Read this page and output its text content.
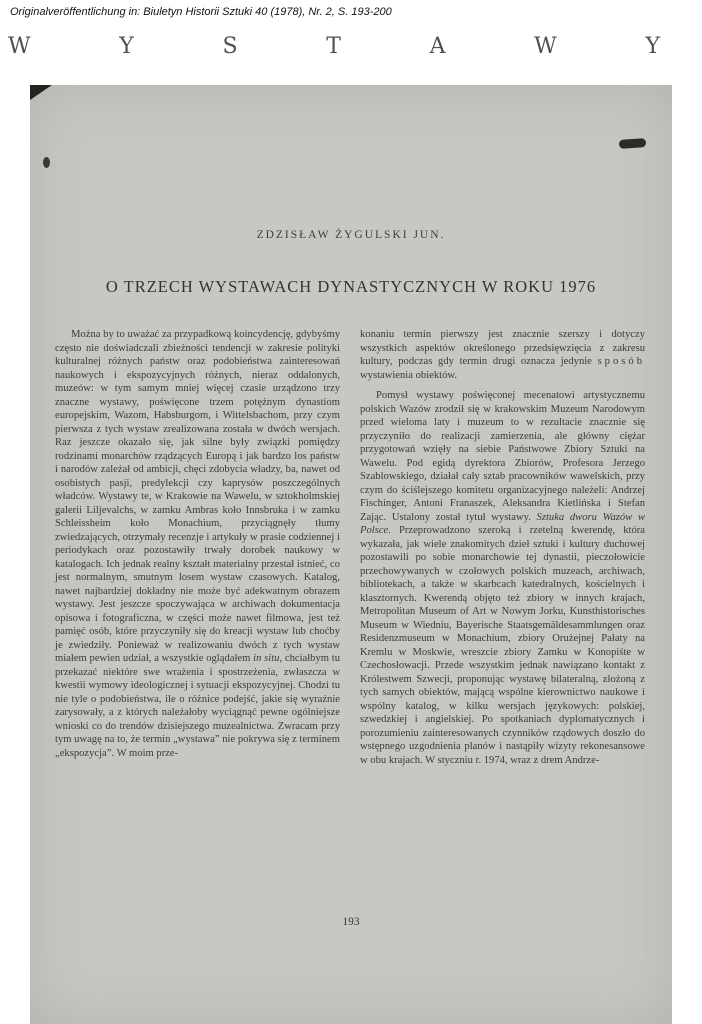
Originalveröffentlichung in: Biuletyn Historii Sztuki 40 (1978), Nr. 2, S. 193-200
W	Y	S	T	A	W	Y
ZDZISŁAW ŻYGULSKI JUN.
O TRZECH WYSTAWACH DYNASTYCZNYCH W ROKU 1976

Można by to uważać za przypadkową koincydencję, gdybyśmy często nie doświadczali zbieżności tendencji w zakresie polityki kulturalnej różnych państw oraz podobieństwa zainteresowań naukowych i ekspozycyjnych różnych, nieraz oddalonych, muzeów: w tym samym mniej więcej czasie urządzono trzy znaczne wystawy, poświęcone trzem potężnym dynastiom europejskim, Wazom, Habsburgom, i Wittelsbachom, przy czym pierwsza z tych wystaw zrealizowana została w dwóch wersjach. Raz jeszcze okazało się, jak silne były związki pomiędzy rodzinami monarchów rządzących Europą i jak bardzo los państw i narodów zależał od ambicji, chęci zdobycia władzy, ba, nawet od osobistych pasji, predylekcji czy kaprysów poszczególnych władców. Wystawy te, w Krakowie na Wawelu, w sztokholmskiej galerii Liljevalchs, w zamku Ambras koło Innsbruka i w zamku Schleissheim koło Monachium, przyciągnęły tłumy zwiedzających, otrzymały recenzje i artykuły w prasie codziennej i periodykach oraz pozostawiły trwały dorobek naukowy w katalogach. Ich jednak realny kształt materialny przestał istnieć, co jest normalnym, smutnym losem wystaw czasowych. Katalog, nawet najbardziej dokładny nie może być adekwatnym obrazem wystawy. Jest jeszcze spoczywająca w archiwach dokumentacja opisowa i fotograficzna, w części może nawet filmowa, jest też pamięć osób, które przyczyniły się do kreacji wystaw lub choćby je zwiedziły. Ponieważ w realizowaniu dwóch z tych wystaw miałem pewien udział, a wszystkie oglądałem in situ, chciałbym tu przekazać niektóre swe wrażenia i spostrzeżenia, zwłaszcza w kwestii wymowy ideologicznej i sytuacji ekspozycyjnej. Chodzi tu nie tyle o podobieństwa, ile o różnice podejść, jakie się wyraźnie zarysowały, a z których należałoby wyciągnąć pewne ogólniejsze wnioski co do trendów dzisiejszego muzealnictwa. Zwracam przy tym uwagę na to, że termin „wystawa” nie pokrywa się z terminem „ekspozycja”. W moim prze-

konaniu termin pierwszy jest znacznie szerszy i dotyczy wszystkich aspektów określonego przedsięwzięcia z zakresu kultury, podczas gdy termin drugi oznacza jedynie sposób wystawienia obiektów.

Pomysł wystawy poświęconej mecenatowi artystycznemu polskich Wazów zrodził się w krakowskim Muzeum Narodowym przed wieloma laty i muzeum to w rezultacie znacznie się przyczyniło do realizacji zamierzenia, ale główny ciężar przygotowań wzięły na siebie Państwowe Zbiory Sztuki na Wawelu. Pod egidą dyrektora Zbiorów, Profesora Jerzego Szablowskiego, działał cały sztab pracowników wawelskich, przy czym do ściślejszego komitetu organizacyjnego należeli: Andrzej Fischinger, Antoni Franaszek, Aleksandra Kietlińska i Stefan Zając. Ustalony został tytuł wystawy. Sztuka dworu Wazów w Polsce. Przeprowadzono szeroką i rzetelną kwerendę, która wykazała, jak wiele znakomitych dzieł sztuki i kultury duchowej pozostawili po sobie monarchowie tej dynastii, pieczołowicie przechowywanych w czołowych polskich muzeach, archiwach, bibliotekach, a także w skarbcach katedralnych, kościelnych i klasztornych. Kwerendą objęto też zbiory w innych krajach, Metropolitan Museum of Art w Nowym Jorku, Kunsthistorisches Museum w Wiedniu, Bayerische Staatsgemäldesammlungen oraz Residenzmuseum w Monachium, zbiory Orużejnej Pałaty na Kremlu w Moskwie, wreszcie zbiory Zamku w Konopiśte w Czechosłowacji. Przede wszystkim jednak nawiązano kontakt z Królestwem Szwecji, proponując wystawę bilateralną, złożoną z tych samych obiektów, mającą wspólne kierownictwo naukowe i wspólny katalog, w kilku wersjach językowych: polskiej, szwedzkiej i angielskiej. Po spotkaniach dyplomatycznych i porozumieniu zainteresowanych czynników rządowych doszło do wstępnego uzgodnienia planów i nastąpiły wizyty rekonesansowe w obu krajach. W styczniu r. 1974, wraz z drem Andrze-

193
